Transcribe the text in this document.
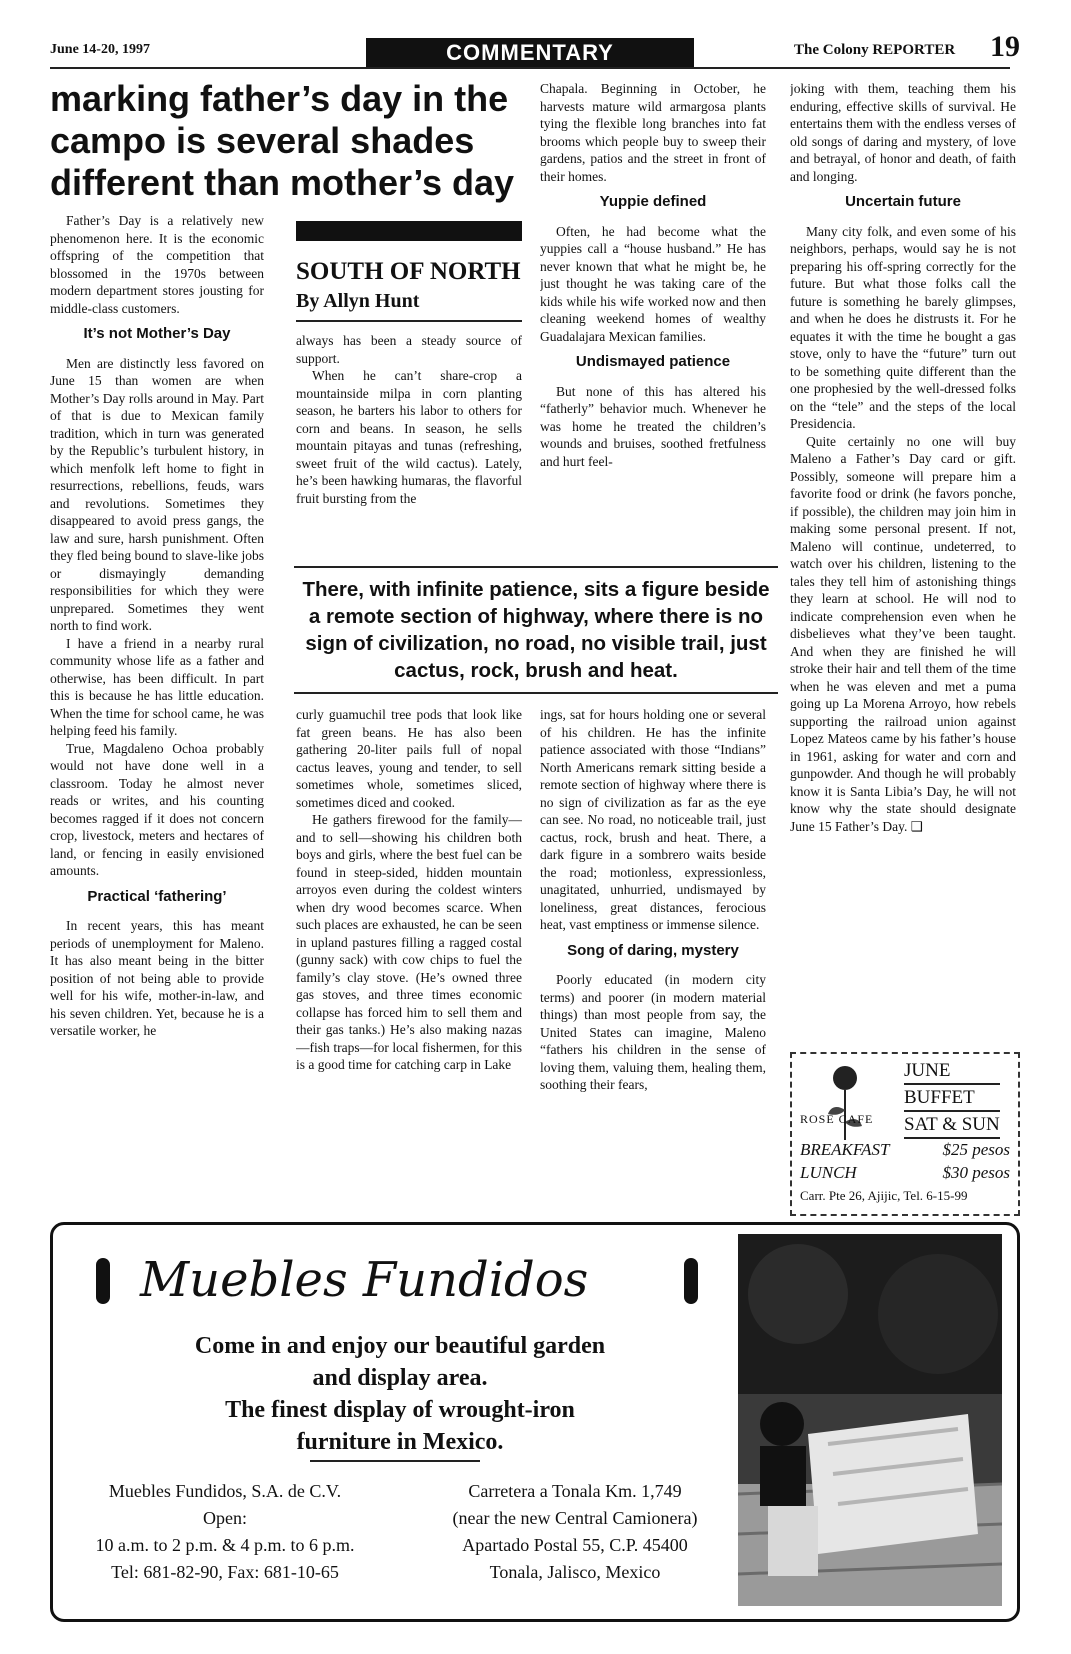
June 14-20, 1997	COMMENTARY	The Colony REPORTER 19
marking father’s day in the campo is several shades different than mother’s day

Father’s Day is a relatively new phenomenon here. It is the economic offspring of the competition that blossomed in the 1970s between modern department stores jousting for middle-class customers.

It’s not Mother’s Day

Men are distinctly less favored on June 15 than women are when Mother’s Day rolls around in May. Part of that is due to Mexican family tradition, which in turn was generated by the Republic’s turbulent history, in which menfolk left home to fight in resurrections, rebellions, feuds, wars and revolutions. Sometimes they disappeared to avoid press gangs, the law and sure, harsh punishment. Often they fled being bound to slave-like jobs or dismayingly demanding responsibilities for which they were unprepared. Sometimes they went north to find work.

I have a friend in a nearby rural community whose life as a father and otherwise, has been difficult. In part this is because he has little education. When the time for school came, he was helping feed his family.

True, Magdaleno Ochoa probably would not have done well in a classroom. Today he almost never reads or writes, and his counting becomes ragged if it does not concern crop, livestock, meters and hectares of land, or fencing in easily envisioned amounts.

Practical ‘fathering’

In recent years, this has meant periods of unemployment for Maleno. It has also meant being in the bitter position of not being able to provide well for his wife, mother-in-law, and his seven children. Yet, because he is a versatile worker, he

SOUTH OF NORTH
By Allyn Hunt

always has been a steady source of support.

When he can’t share-crop a mountainside milpa in corn planting season, he barters his labor to others for corn and beans. In season, he sells mountain pitayas and tunas (refreshing, sweet fruit of the wild cactus). Lately, he’s been hawking humaras, the flavorful fruit bursting from the

Chapala. Beginning in October, he harvests mature wild armargosa plants tying the flexible long branches into fat brooms which people buy to sweep their gardens, patios and the street in front of their homes.

Yuppie defined

Often, he had become what the yuppies call a “house husband.” He has never known that what he might be, he just thought he was taking care of the kids while his wife worked now and then cleaning weekend homes of wealthy Guadalajara Mexican families.

Undismayed patience

But none of this has altered his “fatherly” behavior much. Whenever he was home he treated the children’s wounds and bruises, soothed fretfulness and hurt feel-

There, with infinite patience, sits a figure beside a remote section of highway, where there is no sign of civilization, no road, no visible trail, just cactus, rock, brush and heat.

joking with them, teaching them his enduring, effective skills of survival. He entertains them with the endless verses of old songs of daring and mystery, of love and betrayal, of honor and death, of faith and longing.

Uncertain future

Many city folk, and even some of his neighbors, perhaps, would say he is not preparing his off-spring correctly for the future. But what those folks call the future is something he barely glimpses, and when he does he distrusts it. For he equates it with the time he bought a gas stove, only to have the “future” turn out to be something quite different than the one prophesied by the well-dressed folks on the “tele” and the steps of the local Presidencia.

Quite certainly no one will buy Maleno a Father’s Day card or gift. Possibly, someone will prepare him a favorite food or drink (he favors ponche, if possible), the children may join him in making some personal present. If not, Maleno will continue, undeterred, to watch over his children, listening to the tales they tell him of astonishing things they learn at school. He will nod to indicate comprehension even when he disbelieves what they’ve been taught. And when they are finished he will stroke their hair and tell them of the time when he was eleven and met a puma going up La Morena Arroyo, how rebels supporting the railroad union against Lopez Mateos came by his father’s house in 1961, asking for water and corn and gunpowder. And though he will probably know it is Santa Libia’s Day, he will not know why the state should designate June 15 Father’s Day. ❑

curly guamuchil tree pods that look like fat green beans. He has also been gathering 20-liter pails full of nopal cactus leaves, young and tender, to sell sometimes whole, sometimes sliced, sometimes diced and cooked.

He gathers firewood for the family—and to sell—showing his children both boys and girls, where the best fuel can be found in steep-sided, hidden mountain arroyos even during the coldest winters when dry wood becomes scarce. When such places are exhausted, he can be seen in upland pastures filling a ragged costal (gunny sack) with cow chips to fuel the family’s clay stove. (He’s owned three gas stoves, and three times economic collapse has forced him to sell them and their gas tanks.) He’s also making nazas—fish traps—for local fishermen, for this is a good time for catching carp in Lake

ings, sat for hours holding one or several of his children. He has the infinite patience associated with those “Indians” North Americans remark sitting beside a remote section of highway where there is no sign of civilization as far as the eye can see. No road, no noticeable trail, just cactus, rock, brush and heat. There, a dark figure in a sombrero waits beside the road; motionless, expressionless, unagitated, unhurried, undismayed by loneliness, great distances, ferocious heat, vast emptiness or immense silence.

Song of daring, mystery

Poorly educated (in modern city terms) and poorer (in modern material things) than most people from say, the United States can imagine, Maleno “fathers his children in the sense of loving them, valuing them, healing them, soothing their fears,

ROSE CAFE
JUNE
BUFFET
SAT & SUN
BREAKFAST	$25 pesos
LUNCH	$30 pesos
Carr. Pte 26, Ajijic, Tel. 6-15-99
Muebles Fundidos
Come in and enjoy our beautiful garden
and display area.
The finest display of wrought-iron
furniture in Mexico.
Muebles Fundidos, S.A. de C.V.
Open:
10 a.m. to 2 p.m. & 4 p.m. to 6 p.m.
Tel: 681-82-90, Fax: 681-10-65
Carretera a Tonala Km. 1,749
(near the new Central Camionera)
Apartado Postal 55, C.P. 45400
Tonala, Jalisco, Mexico
